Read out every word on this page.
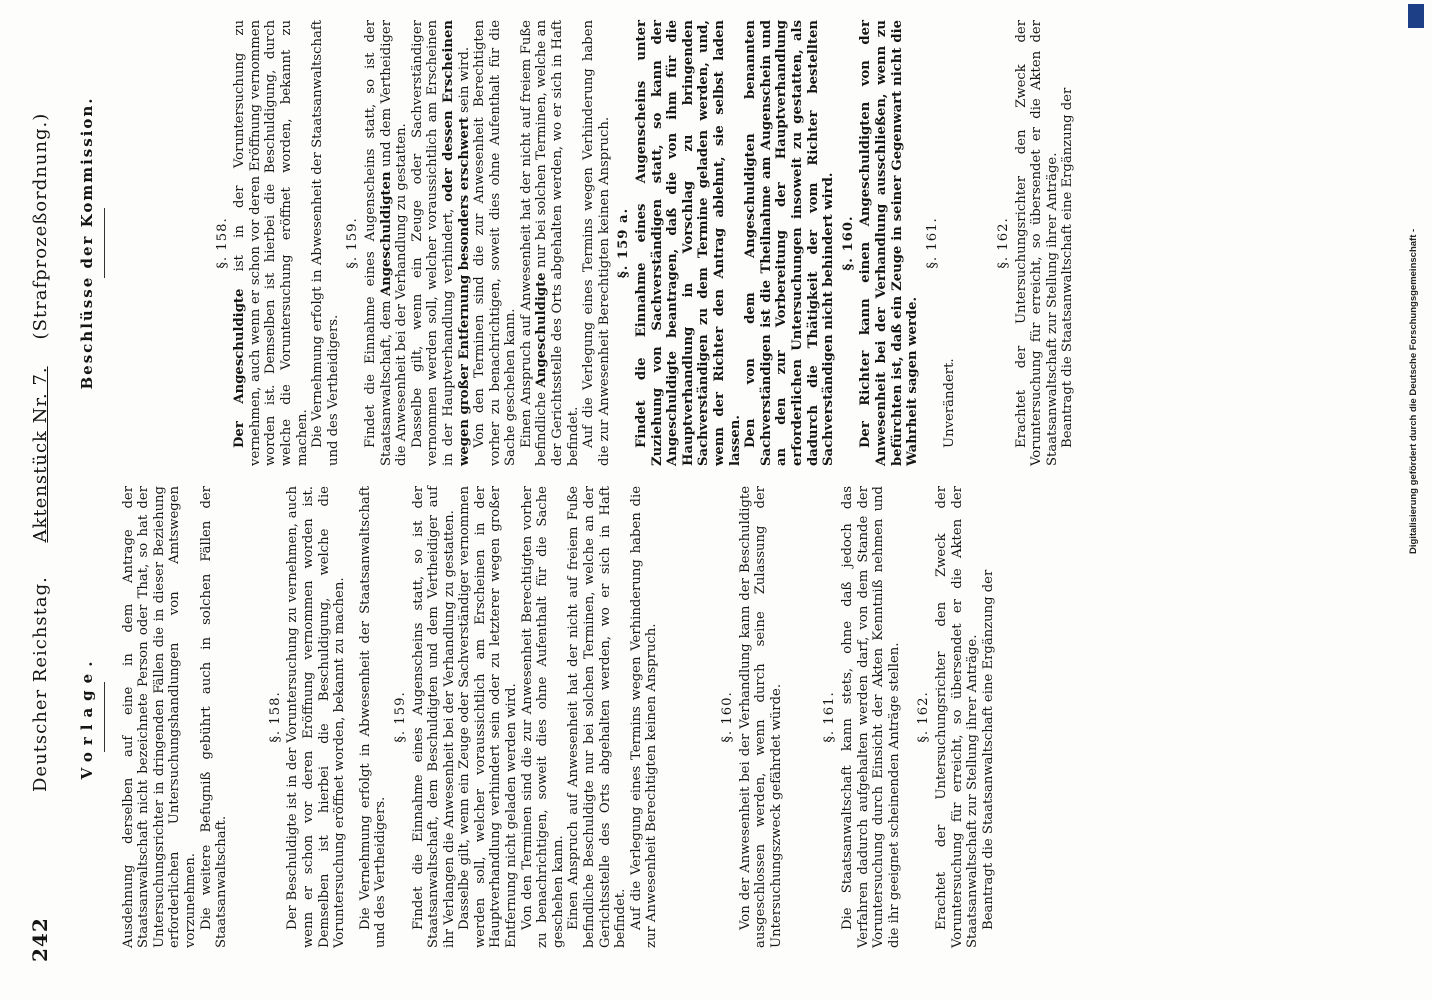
242
Deutscher Reichstag.     Aktenstück Nr. 7.    (Strafprozeßordnung.)
Vorlage. Ausdehnung derselben auf eine in dem Antrage der Staatsanwaltschaft nicht bezeichnete Person oder That, so hat der Untersuchungsrichter in dringenden Fällen die in dieser Beziehung erforderlichen Untersuchungshandlungen von Amtswegen vorzunehmen. Die weitere Befugniß gebührt auch in solchen Fällen der Staatsanwaltschaft.

§. 158. Der Beschuldigte ist in der Voruntersuchung zu vernehmen, auch wenn er schon vor deren Eröffnung vernommen worden ist. Demselben ist hierbei die Beschuldigung, welche die Voruntersuchung eröffnet worden, bekannt zu machen. Die Vernehmung erfolgt in Abwesenheit der Staatsanwaltschaft und des Vertheidigers.

§. 159. Findet die Einnahme eines Augenscheins statt, so ist der Staatsanwaltschaft, dem Beschuldigten und dem Vertheidiger auf ihr Verlangen die Anwesenheit bei der Verhandlung zu gestatten. Dasselbe gilt, wenn ein Zeuge oder Sachverständiger vernommen werden soll, welcher voraussichtlich am Erscheinen in der Hauptverhandlung verhindert sein oder zu letzterer wegen großer Entfernung nicht geladen werden wird. Von den Terminen sind die zur Anwesenheit Berechtigten vorher zu benachrichtigen, soweit dies ohne Aufenthalt für die Sache geschehen kann. Einen Anspruch auf Anwesenheit hat der nicht auf freiem Fuße befindliche Beschuldigte nur bei solchen Terminen, welche an der Gerichtsstelle des Orts abgehalten werden, wo er sich in Haft befindet. Auf die Verlegung eines Termins wegen Verhinderung haben die zur Anwesenheit Berechtigten keinen Anspruch.	§. 160. Von der Anwesenheit bei der Verhandlung kann der Beschuldigte ausgeschlossen werden, wenn durch seine Zulassung der Untersuchungszweck gefährdet würde.	§. 161. Die Staatsanwaltschaft kann stets, ohne daß jedoch das Verfahren dadurch aufgehalten werden darf, von dem Stande der Voruntersuchung durch Einsicht der Akten Kenntniß nehmen und die ihr geeignet scheinenden Anträge stellen. §. 162. Erachtet der Untersuchungsrichter den Zweck der Voruntersuchung für erreicht, so übersendet er die Akten der Staatsanwaltschaft zur Stellung ihrer Anträge. Beantragt die Staatsanwaltschaft eine Ergänzung der

Beschlüsse der Kommission.	§. 158.

Der Angeschuldigte ist in der Voruntersuchung zu vernehmen, auch wenn er schon vor deren Eröffnung vernommen worden ist. Demselben ist hierbei die Beschuldigung, durch welche die Voruntersuchung eröffnet worden, bekannt zu machen. Die Vernehmung erfolgt in Abwesenheit der Staatsanwaltschaft und des Vertheidigers.

§. 159. Findet die Einnahme eines Augenscheins statt, so ist der Staatsanwaltschaft, dem Angeschuldigten und dem Vertheidiger die Anwesenheit bei der Verhandlung zu gestatten. Dasselbe gilt, wenn ein Zeuge oder Sachverständiger vernommen werden soll, welcher voraussichtlich am Erscheinen in der Hauptverhandlung verhindert, oder dessen Erscheinen wegen großer Entfernung besonders erschwert sein wird. Von den Terminen sind die zur Anwesenheit Berechtigten vorher zu benachrichtigen, soweit dies ohne Aufenthalt für die Sache geschehen kann. Einen Anspruch auf Anwesenheit hat der nicht auf freiem Fuße befindliche Angeschuldigte nur bei solchen Terminen, welche an der Gerichtsstelle des Orts abgehalten werden, wo er sich in Haft befindet. Auf die Verlegung eines Termins wegen Verhinderung haben die zur Anwesenheit Berechtigten keinen Anspruch. §. 159 a. Findet die Einnahme eines Augenscheins unter Zuziehung von Sachverständigen statt, so kann der Angeschuldigte beantragen, daß die von ihm für die Hauptverhandlung in Vorschlag zu bringenden Sachverständigen zu dem Termine geladen werden, und, wenn der Richter den Antrag ablehnt, sie selbst laden lassen. Den von dem Angeschuldigten benannten Sachverständigen ist die Theilnahme am Augenschein und an den zur Vorbereitung der Hauptverhandlung erforderlichen Untersuchungen insoweit zu gestatten, als dadurch die Thätigkeit der vom Richter bestellten Sachverständigen nicht behindert wird. §. 160. Der Richter kann einen Angeschuldigten von der Anwesenheit bei der Verhandlung ausschließen, wenn zu befürchten ist, daß ein Zeuge in seiner Gegenwart nicht die Wahrheit sagen werde.

§. 161.

Unverändert.

§. 162. Erachtet der Untersuchungsrichter den Zweck der Voruntersuchung für erreicht, so übersendet er die Akten der Staatsanwaltschaft zur Stellung ihrer Anträge. Beantragt die Staatsanwaltschaft eine Ergänzung der	Digitalisierung gefördert durch die Deutsche Forschungsgemeinschaft -
